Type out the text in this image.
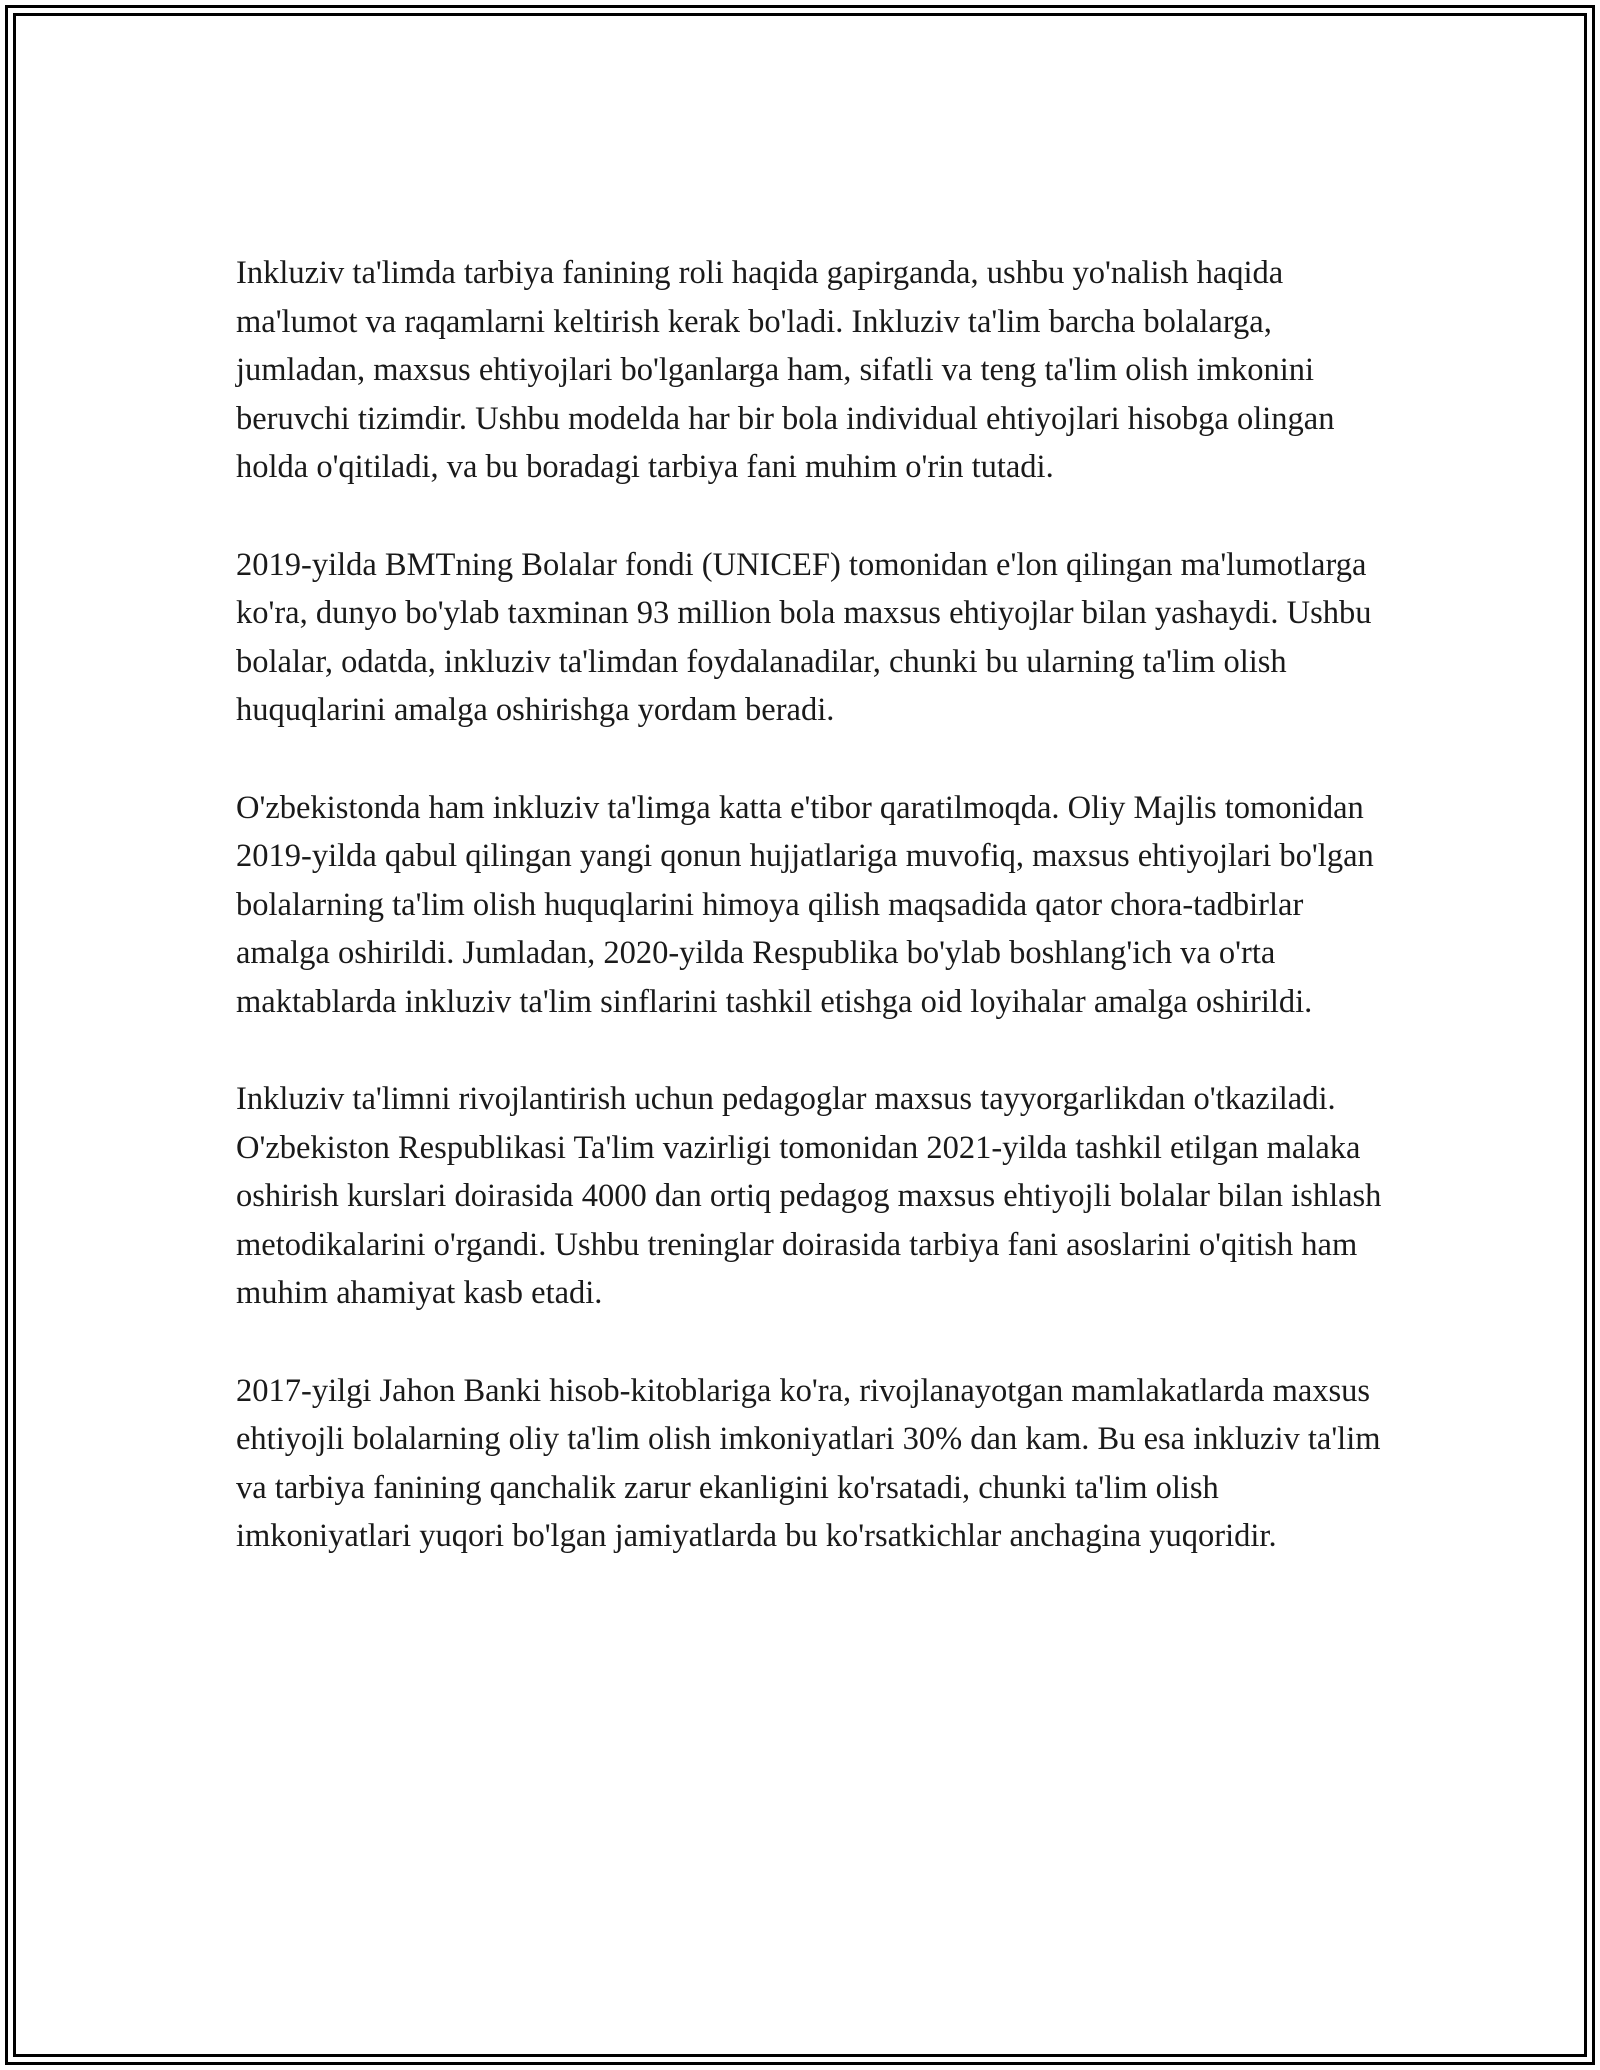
Inkluziv ta'limda tarbiya fanining roli haqida gapirganda, ushbu yo'nalish haqida ma'lumot va raqamlarni keltirish kerak bo'ladi. Inkluziv ta'lim barcha bolalarga, jumladan, maxsus ehtiyojlari bo'lganlarga ham, sifatli va teng ta'lim olish imkonini beruvchi tizimdir. Ushbu modelda har bir bola individual ehtiyojlari hisobga olingan holda o'qitiladi, va bu boradagi tarbiya fani muhim o'rin tutadi.

2019-yilda BMTning Bolalar fondi (UNICEF) tomonidan e'lon qilingan ma'lumotlarga ko'ra, dunyo bo'ylab taxminan 93 million bola maxsus ehtiyojlar bilan yashaydi. Ushbu bolalar, odatda, inkluziv ta'limdan foydalanadilar, chunki bu ularning ta'lim olish huquqlarini amalga oshirishga yordam beradi.

O'zbekistonda ham inkluziv ta'limga katta e'tibor qaratilmoqda. Oliy Majlis tomonidan 2019-yilda qabul qilingan yangi qonun hujjatlariga muvofiq, maxsus ehtiyojlari bo'lgan bolalarning ta'lim olish huquqlarini himoya qilish maqsadida qator chora-tadbirlar amalga oshirildi. Jumladan, 2020-yilda Respublika bo'ylab boshlang'ich va o'rta maktablarda inkluziv ta'lim sinflarini tashkil etishga oid loyihalar amalga oshirildi.

Inkluziv ta'limni rivojlantirish uchun pedagoglar maxsus tayyorgarlikdan o'tkaziladi. O'zbekiston Respublikasi Ta'lim vazirligi tomonidan 2021-yilda tashkil etilgan malaka oshirish kurslari doirasida 4000 dan ortiq pedagog maxsus ehtiyojli bolalar bilan ishlash metodikalarini o'rgandi. Ushbu treninglar doirasida tarbiya fani asoslarini o'qitish ham muhim ahamiyat kasb etadi.

2017-yilgi Jahon Banki hisob-kitoblariga ko'ra, rivojlanayotgan mamlakatlarda maxsus ehtiyojli bolalarning oliy ta'lim olish imkoniyatlari 30% dan kam. Bu esa inkluziv ta'lim va tarbiya fanining qanchalik zarur ekanligini ko'rsatadi, chunki ta'lim olish imkoniyatlari yuqori bo'lgan jamiyatlarda bu ko'rsatkichlar anchagina yuqoridir.
